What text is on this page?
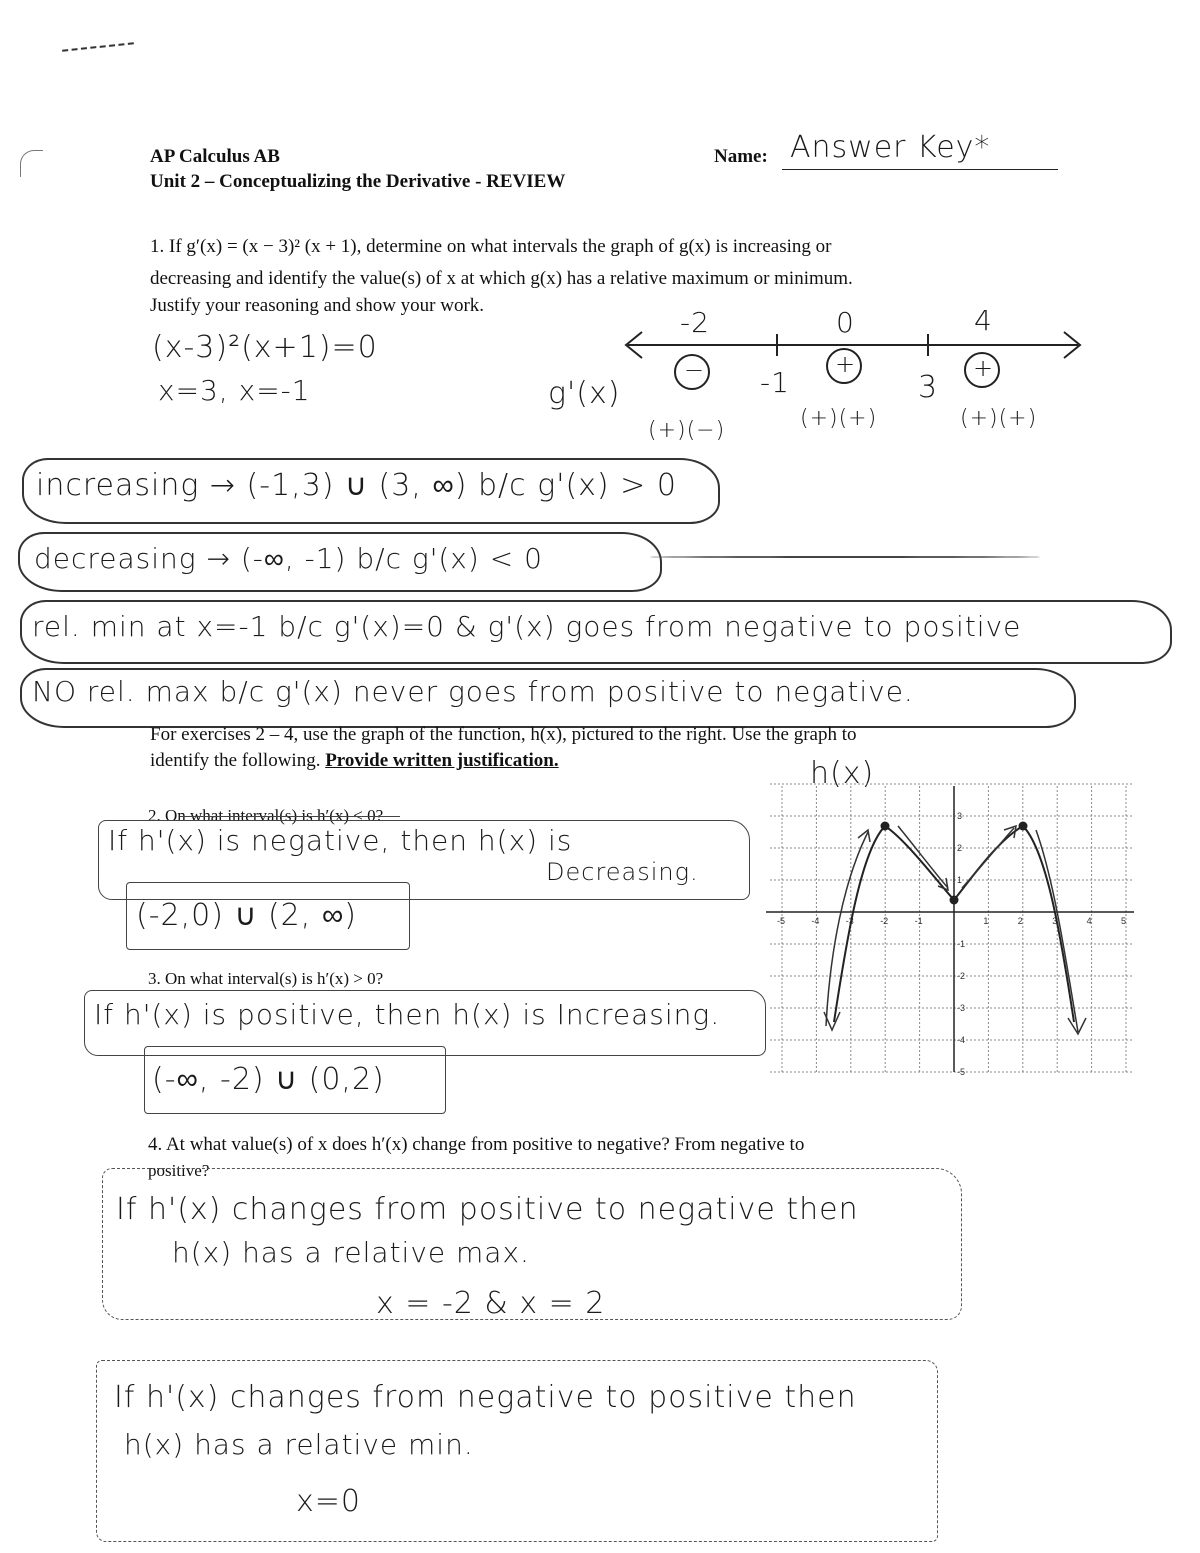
AP Calculus AB
Unit 2 – Conceptualizing the Derivative - REVIEW
Name: Answer Key*
1. If g′(x) = (x − 3)² (x + 1), determine on what intervals the graph of g(x) is increasing or
decreasing and identify the value(s) of x at which g(x) has a relative maximum or minimum.
Justify your reasoning and show your work.
(x-3)²(x+1)=0
x=3, x=-1	g'(x)
-2	0	4
-1	3
−	+	+
(+)(−)	(+)(+)	(+)(+)
increasing → (-1,3) ∪ (3, ∞) b/c g'(x) > 0
decreasing → (-∞, -1) b/c g'(x) < 0
rel. min at x=-1 b/c g'(x)=0 & g'(x) goes from negative to positive
NO rel. max b/c g'(x) never goes from positive to negative.
For exercises 2 – 4, use the graph of the function, h(x), pictured to the right. Use the graph to
identify the following. Provide written justification.	h(x)
3
2
1
-1
-2
-3
-4
-5
-5	-4	-3	-2	-1	1	2	3	4	5
2. On what interval(s) is h′(x) < 0?
If h'(x) is negative, then h(x) is
Decreasing.
(-2,0) ∪ (2, ∞)
3. On what interval(s) is h′(x) > 0?
If h'(x) is positive, then h(x) is Increasing.
(-∞, -2) ∪ (0,2)
4. At what value(s) of x does h′(x) change from positive to negative? From negative to
positive?
If h'(x) changes from positive to negative then
h(x) has a relative max.
x = -2 & x = 2
If h'(x) changes from negative to positive then
h(x) has a relative min.
x=0
